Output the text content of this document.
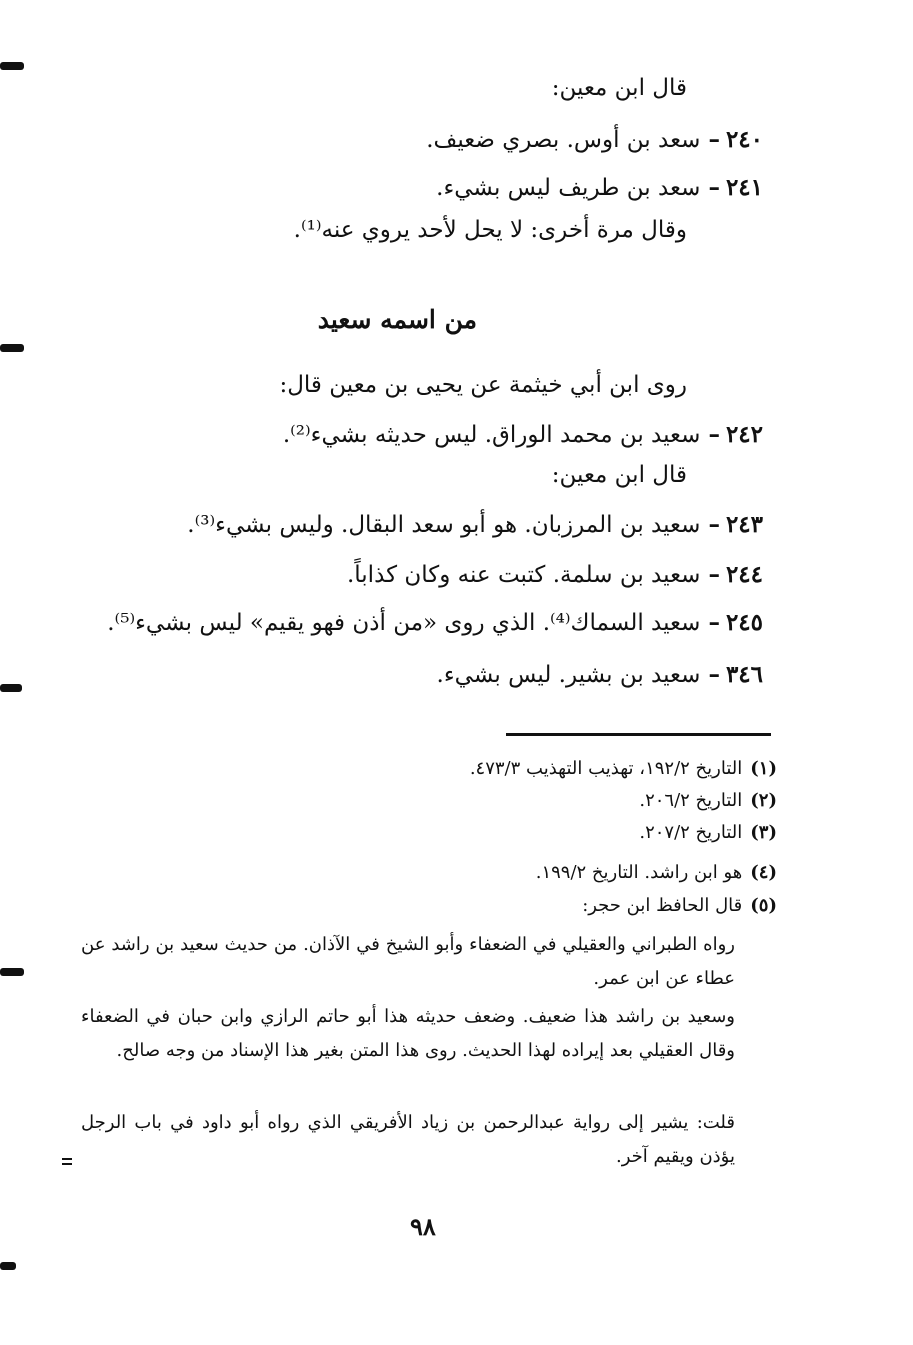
قال ابن معين:
٢٤٠–سعد بن أوس. بصري ضعيف.
٢٤١–سعد بن طريف ليس بشيء.
وقال مرة أخرى: لا يحل لأحد يروي عنه⁽¹⁾.
من اسمه سعيد
روى ابن أبي خيثمة عن يحيى بن معين قال:
٢٤٢–سعيد بن محمد الوراق. ليس حديثه بشيء⁽²⁾.
قال ابن معين:
٢٤٣–سعيد بن المرزبان. هو أبو سعد البقال. وليس بشيء⁽³⁾.
٢٤٤–سعيد بن سلمة. كتبت عنه وكان كذاباً.
٢٤٥–سعيد السماك⁽⁴⁾. الذي روى «من أذن فهو يقيم» ليس بشيء⁽⁵⁾.
٣٤٦–سعيد بن بشير. ليس بشيء.
(١)التاريخ ١٩٢/٢، تهذيب التهذيب ٤٧٣/٣.
(٢)التاريخ ٢٠٦/٢.
(٣)التاريخ ٢٠٧/٢.
(٤)هو ابن راشد. التاريخ ١٩٩/٢.
(٥)قال الحافظ ابن حجر:
رواه الطبراني والعقيلي في الضعفاء وأبو الشيخ في الآذان. من حديث سعيد بن راشد عن عطاء عن ابن عمر.
وسعيد بن راشد هذا ضعيف. وضعف حديثه هذا أبو حاتم الرازي وابن حبان في الضعفاء وقال العقيلي بعد إيراده لهذا الحديث. روى هذا المتن بغير هذا الإسناد من وجه صالح.
قلت: يشير إلى رواية عبدالرحمن بن زياد الأفريقي الذي رواه أبو داود في باب الرجل يؤذن ويقيم آخر.
٩٨
